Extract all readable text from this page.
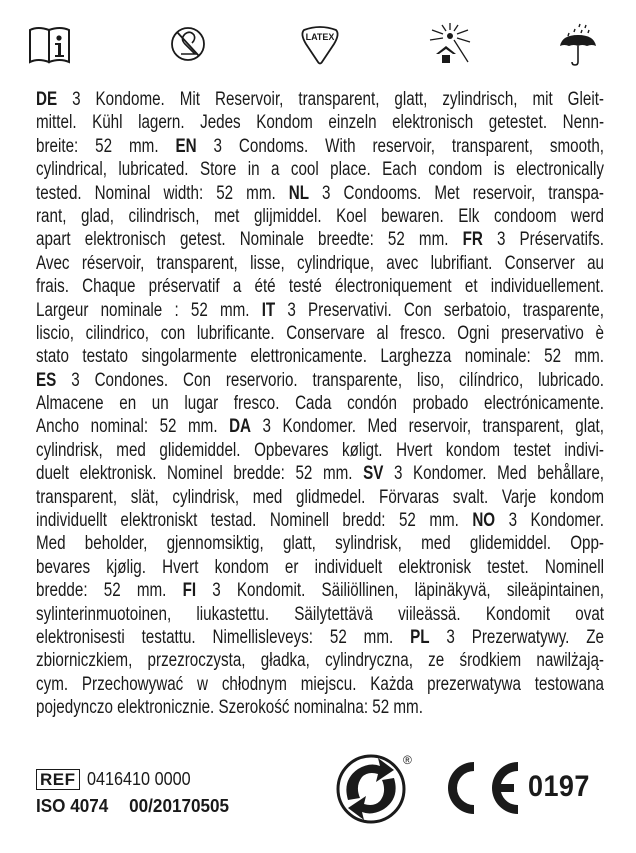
LATEX
DE 3 Kondome. Mit Reservoir, transparent, glatt, zylindrisch, mit Gleit-
mittel. Kühl lagern. Jedes Kondom einzeln elektronisch getestet. Nenn-
breite: 52 mm. EN 3 Condoms. With reservoir, transparent, smooth,
cylindrical, lubricated. Store in a cool place. Each condom is electronically
tested. Nominal width: 52 mm. NL 3 Condooms. Met reservoir, transpa-
rant, glad, cilindrisch, met glijmiddel. Koel bewaren. Elk condoom werd
apart elektronisch getest. Nominale breedte: 52 mm. FR 3 Préservatifs.
Avec réservoir, transparent, lisse, cylindrique, avec lubrifiant. Conserver au
frais. Chaque préservatif a été testé électroniquement et individuellement.
Largeur nominale : 52 mm. IT 3 Preservativi. Con serbatoio, trasparente,
liscio, cilindrico, con lubrificante. Conservare al fresco. Ogni preservativo è
stato testato singolarmente elettronicamente. Larghezza nominale: 52 mm.
ES 3 Condones. Con reservorio. transparente, liso, cilíndrico, lubricado.
Almacene en un lugar fresco. Cada condón probado electrónicamente.
Ancho nominal: 52 mm. DA 3 Kondomer. Med reservoir, transparent, glat,
cylindrisk, med glidemiddel. Opbevares køligt. Hvert kondom testet indivi-
duelt elektronisk. Nominel bredde: 52 mm. SV 3 Kondomer. Med behållare,
transparent, slät, cylindrisk, med glidmedel. Förvaras svalt. Varje kondom
individuellt elektroniskt testad. Nominell bredd: 52 mm. NO 3 Kondomer.
Med beholder, gjennomsiktig, glatt, sylindrisk, med glidemiddel. Opp-
bevares kjølig. Hvert kondom er individuelt elektronisk testet. Nominell
bredde: 52 mm. FI 3 Kondomit. Säiliöllinen, läpinäkyvä, sileäpintainen,
sylinterinmuotoinen, liukastettu. Säilytettävä viileässä. Kondomit ovat
elektronisesti testattu. Nimellisleveys: 52 mm. PL 3 Prezerwatywy. Ze
zbiorniczkiem, przezroczysta, gładka, cylindryczna, ze środkiem nawilżają-
cym. Przechowywać w chłodnym miejscu. Każda prezerwatywa testowana
pojedynczo elektronicznie. Szerokość nominalna: 52 mm.
REF 0416410 0000
ISO 4074 00/20170505
®
0197
